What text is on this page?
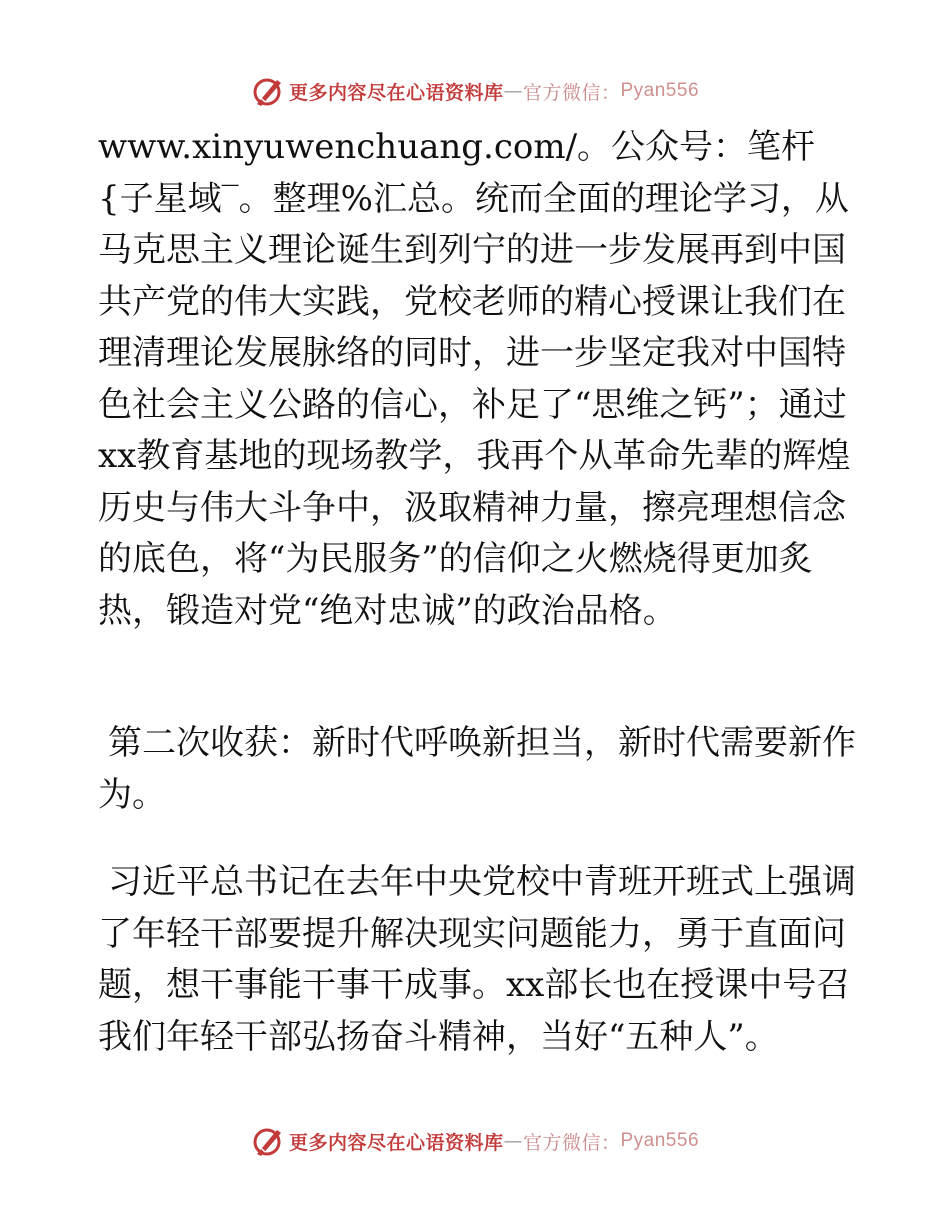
更多内容尽在心语资料库 — 官方微信： Pyan556

www.xinyuwenchuang.com/。公众号：笔杆{子星域‾。整理%汇总。统而全面的理论学习，从马克思主义理论诞生到列宁的进一步发展再到中国共产党的伟大实践，党校老师的精心授课让我们在理清理论发展脉络的同时，进一步坚定我对中国特色社会主义公路的信心，补足了“思维之钙”；通过xx教育基地的现场教学，我再个从革命先辈的辉煌历史与伟大斗争中，汲取精神力量，擦亮理想信念的底色，将“为民服务”的信仰之火燃烧得更加炙热，锻造对党“绝对忠诚”的政治品格。

第二次收获：新时代呼唤新担当，新时代需要新作为。

习近平总书记在去年中央党校中青班开班式上强调了年轻干部要提升解决现实问题能力，勇于直面问题，想干事能干事干成事。xx部长也在授课中号召我们年轻干部弘扬奋斗精神，当好“五种人”。

更多内容尽在心语资料库 — 官方微信： Pyan556
